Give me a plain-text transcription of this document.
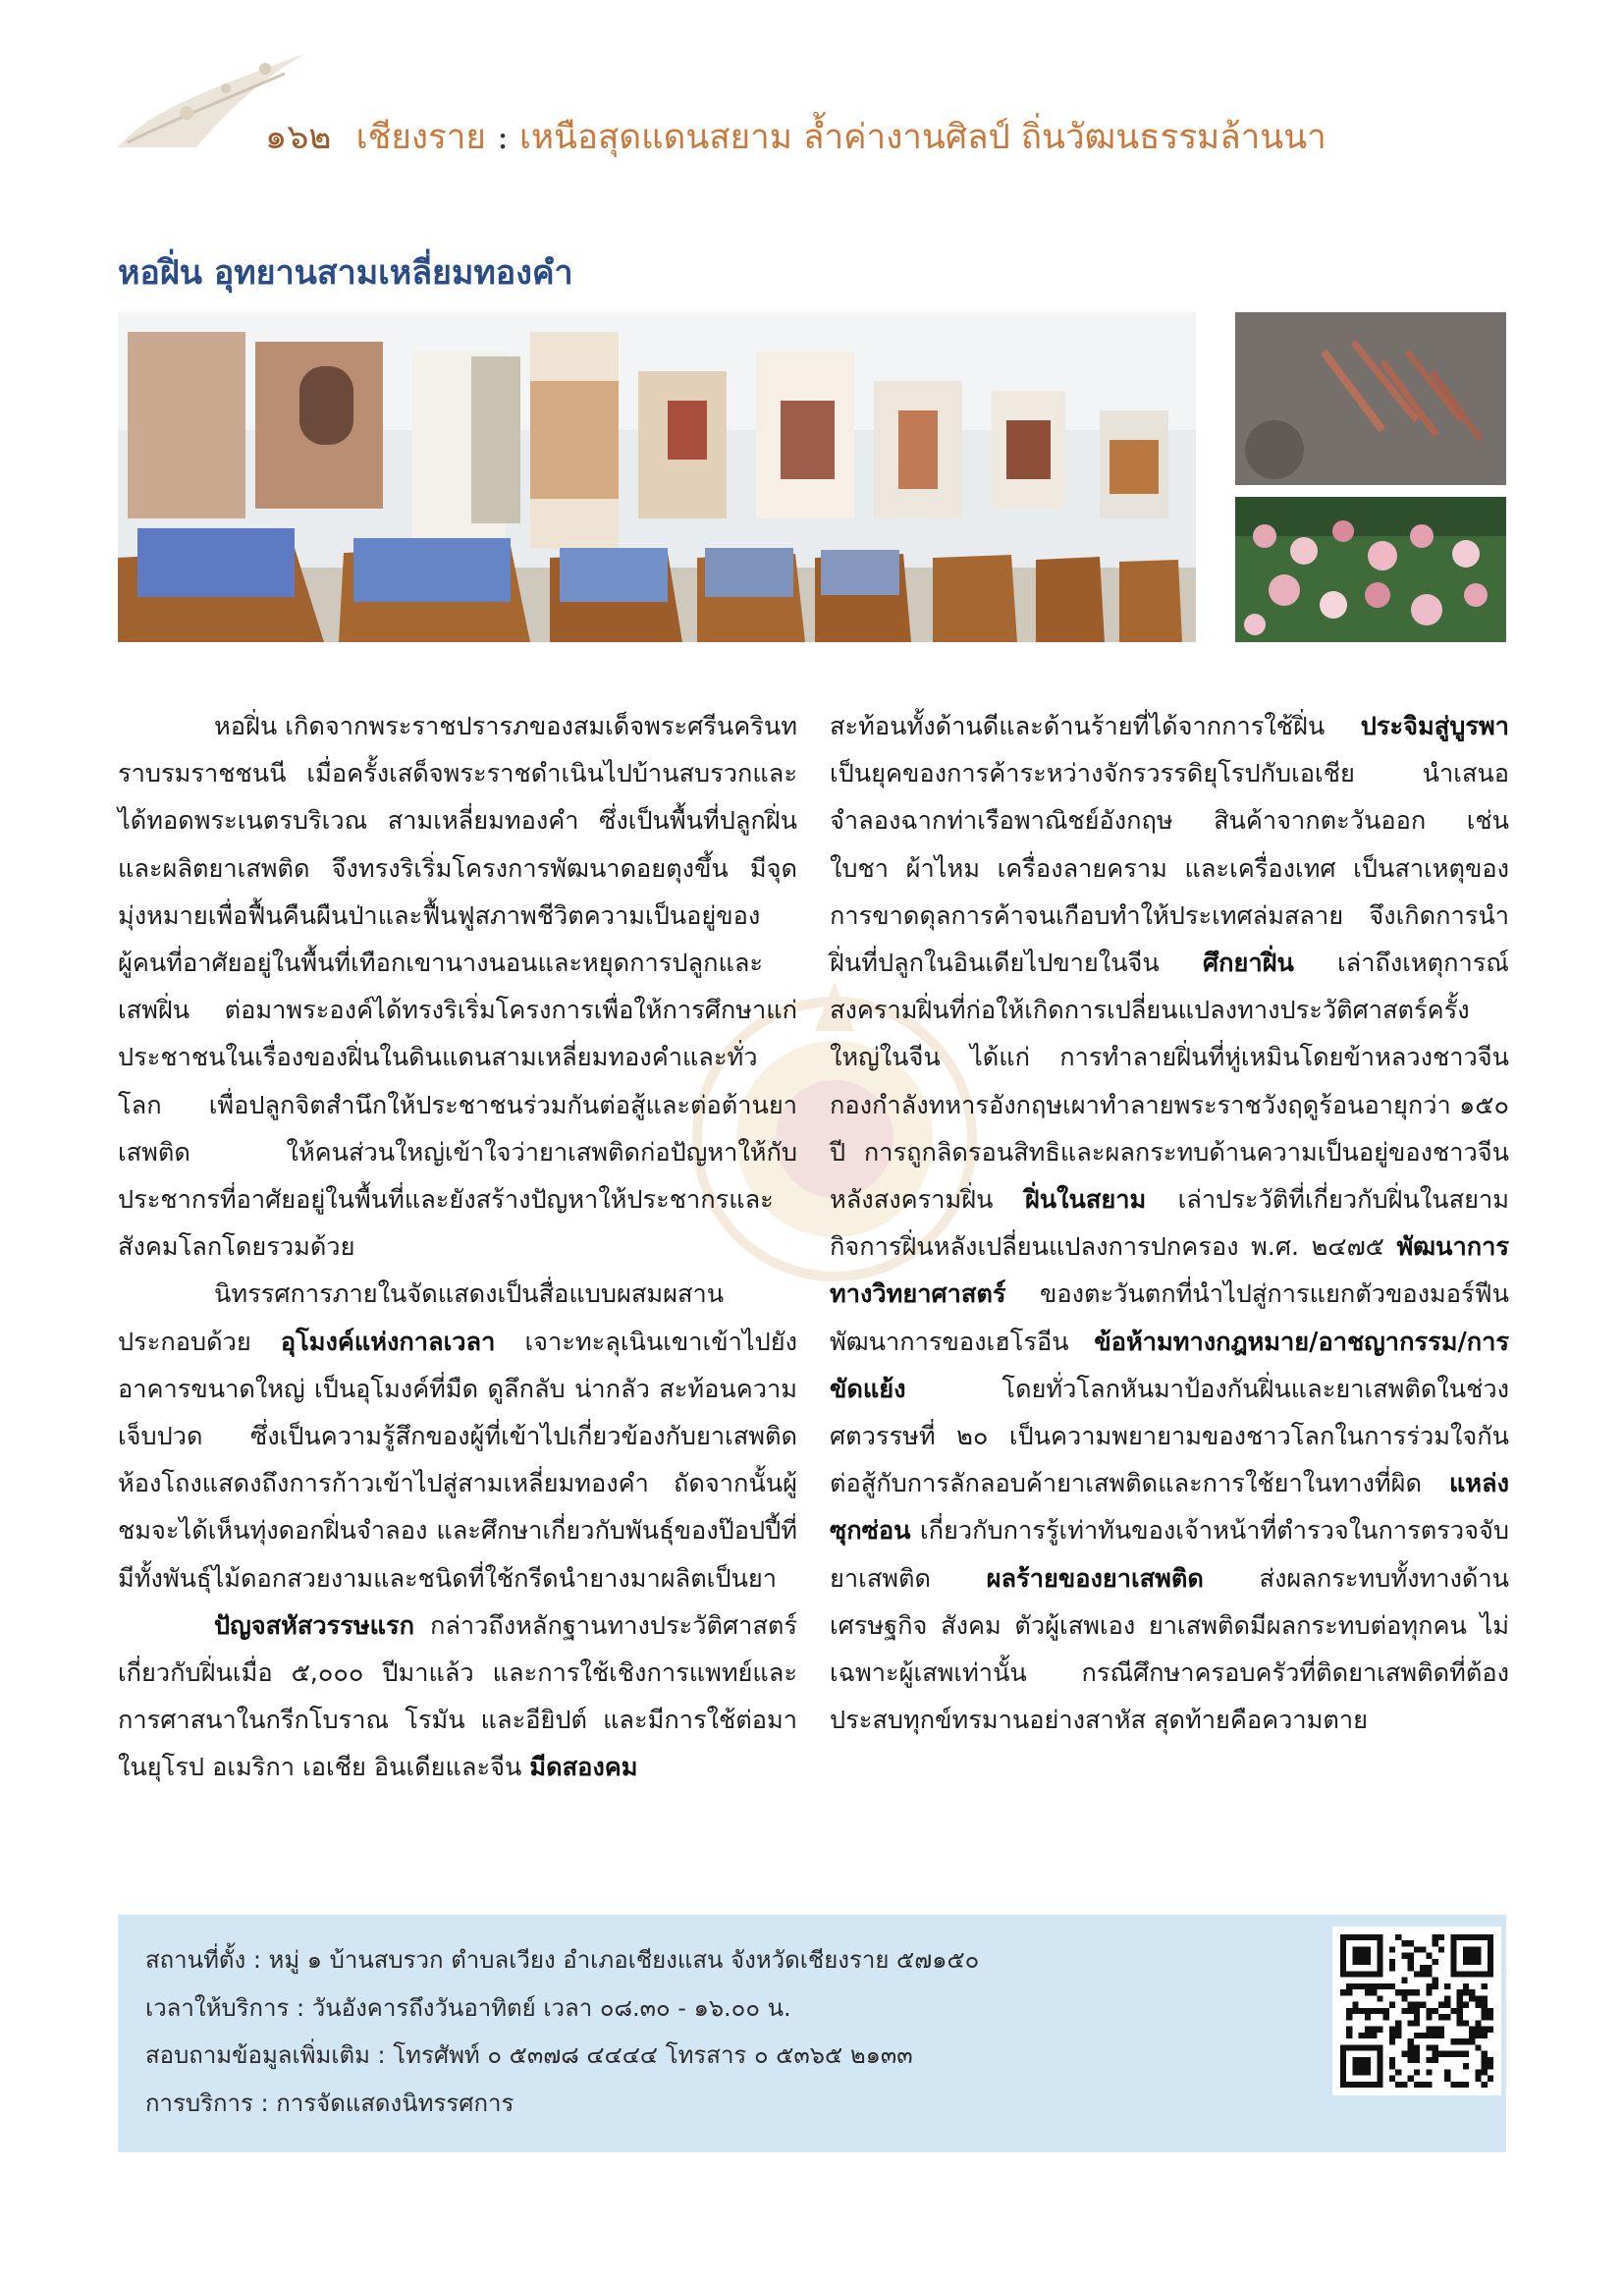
๑๖๒ เชียงราย : เหนือสุดแดนสยาม ล้ำค่างานศิลป์ ถิ่นวัฒนธรรมล้านนา
หอฝิ่น อุทยานสามเหลี่ยมทองคำ

หอฝิ่น เกิดจากพระราชปรารภของสมเด็จพระศรีนครินทราบรมราชชนนี เมื่อครั้งเสด็จพระราชดำเนินไปบ้านสบรวกและได้ทอดพระเนตรบริเวณ สามเหลี่ยมทองคำ ซึ่งเป็นพื้นที่ปลูกฝิ่นและผลิตยาเสพติด จึงทรงริเริ่มโครงการพัฒนาดอยตุงขึ้น มีจุดมุ่งหมายเพื่อฟื้นคืนผืนป่าและฟื้นฟูสภาพชีวิตความเป็นอยู่ของผู้คนที่อาศัยอยู่ในพื้นที่เทือกเขานางนอนและหยุดการปลูกและเสพฝิ่น ต่อมาพระองค์ได้ทรงริเริ่มโครงการเพื่อให้การศึกษาแก่ประชาชนในเรื่องของฝิ่นในดินแดนสามเหลี่ยมทองคำและทั่วโลก เพื่อปลูกจิตสำนึกให้ประชาชนร่วมกันต่อสู้และต่อต้านยาเสพติด ให้คนส่วนใหญ่เข้าใจว่ายาเสพติดก่อปัญหาให้กับประชากรที่อาศัยอยู่ในพื้นที่และยังสร้างปัญหาให้ประชากรและสังคมโลกโดยรวมด้วย

นิทรรศการภายในจัดแสดงเป็นสื่อแบบผสมผสาน ประกอบด้วย อุโมงค์แห่งกาลเวลา เจาะทะลุเนินเขาเข้าไปยังอาคารขนาดใหญ่ เป็นอุโมงค์ที่มืด ดูลึกลับ น่ากลัว สะท้อนความเจ็บปวด ซึ่งเป็นความรู้สึกของผู้ที่เข้าไปเกี่ยวข้องกับยาเสพติด ห้องโถงแสดงถึงการก้าวเข้าไปสู่สามเหลี่ยมทองคำ ถัดจากนั้นผู้ชมจะได้เห็นทุ่งดอกฝิ่นจำลอง และศึกษาเกี่ยวกับพันธุ์ของป๊อปปี้ที่มีทั้งพันธุ์ไม้ดอกสวยงามและชนิดที่ใช้กรีดนำยางมาผลิตเป็นยา

ปัญจสหัสวรรษแรก กล่าวถึงหลักฐานทางประวัติศาสตร์เกี่ยวกับฝิ่นเมื่อ ๕,๐๐๐ ปีมาแล้ว และการใช้เชิงการแพทย์และการศาสนาในกรีกโบราณ โรมัน และอียิปต์ และมีการใช้ต่อมาในยุโรป อเมริกา เอเชีย อินเดียและจีน มีดสองคม

สะท้อนทั้งด้านดีและด้านร้ายที่ได้จากการใช้ฝิ่น ประจิมสู่บูรพา เป็นยุคของการค้าระหว่างจักรวรรดิยุโรปกับเอเชีย นำเสนอจำลองฉากท่าเรือพาณิชย์อังกฤษ สินค้าจากตะวันออก เช่น ใบชา ผ้าไหม เครื่องลายคราม และเครื่องเทศ เป็นสาเหตุของการขาดดุลการค้าจนเกือบทำให้ประเทศล่มสลาย จึงเกิดการนำฝิ่นที่ปลูกในอินเดียไปขายในจีน ศึกยาฝิ่น เล่าถึงเหตุการณ์สงครามฝิ่นที่ก่อให้เกิดการเปลี่ยนแปลงทางประวัติศาสตร์ครั้งใหญ่ในจีน ได้แก่ การทำลายฝิ่นที่หู่เหมินโดยข้าหลวงชาวจีน กองกำลังทหารอังกฤษเผาทำลายพระราชวังฤดูร้อนอายุกว่า ๑๕๐ ปี การถูกลิดรอนสิทธิและผลกระทบด้านความเป็นอยู่ของชาวจีนหลังสงครามฝิ่น ฝิ่นในสยาม เล่าประวัติที่เกี่ยวกับฝิ่นในสยาม กิจการฝิ่นหลังเปลี่ยนแปลงการปกครอง พ.ศ. ๒๔๗๕ พัฒนาการทางวิทยาศาสตร์ ของตะวันตกที่นำไปสู่การแยกตัวของมอร์ฟีน พัฒนาการของเฮโรอีน ข้อห้ามทางกฎหมาย/อาชญากรรม/การขัดแย้ง โดยทั่วโลกหันมาป้องกันฝิ่นและยาเสพติดในช่วงศตวรรษที่ ๒๐ เป็นความพยายามของชาวโลกในการร่วมใจกันต่อสู้กับการลักลอบค้ายาเสพติดและการใช้ยาในทางที่ผิด แหล่งซุกซ่อน เกี่ยวกับการรู้เท่าทันของเจ้าหน้าที่ตำรวจในการตรวจจับยาเสพติด ผลร้ายของยาเสพติด ส่งผลกระทบทั้งทางด้านเศรษฐกิจ สังคม ตัวผู้เสพเอง ยาเสพติดมีผลกระทบต่อทุกคน ไม่เฉพาะผู้เสพเท่านั้น กรณีศึกษาครอบครัวที่ติดยาเสพติดที่ต้องประสบทุกข์ทรมานอย่างสาหัส สุดท้ายคือความตาย

สถานที่ตั้ง : หมู่ ๑ บ้านสบรวก ตำบลเวียง อำเภอเชียงแสน จังหวัดเชียงราย ๕๗๑๕๐
เวลาให้บริการ : วันอังคารถึงวันอาทิตย์ เวลา ๐๘.๓๐ - ๑๖.๐๐ น.
สอบถามข้อมูลเพิ่มเติม : โทรศัพท์ ๐ ๕๓๗๘ ๔๔๔๔ โทรสาร ๐ ๕๓๖๕ ๒๑๓๓
การบริการ : การจัดแสดงนิทรรศการ
